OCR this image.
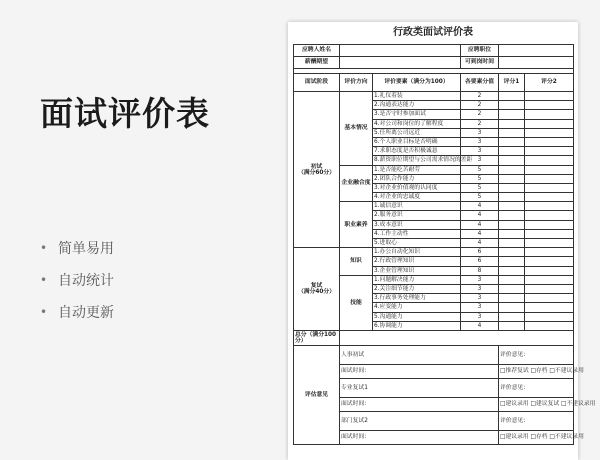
面试评价表
• 简单易用
• 自动统计
• 自动更新
行政类面试评价表
应聘人姓名			应聘职位		
薪酬期望			可到岗时间		

面试阶段	评价方向	评价要素（满分为100）	各要素分值	评分1	评分2
初试
（满分60分）	基本情况	1.礼仪着装	2		
		2.沟通表达能力	2		
		3.是否守时参加面试	2		
		4.对公司和岗位的了解程度	2		
		5.任所离公司远近	3		
		6.个人职业目标是否明确	3		
		7.求职态度是否积极诚恳	3		
		8.薪资职位期望与公司需求情况的差距	3		
	企业融合度	1.是否能吃苦耐劳	5		
		2.团队合作能力	5		
		3.对企业价值观的认同度	5		
		4.对企业的忠诚度	5		
	职业素养	1.诚信意识	4		
		2.服务意识	4		
		3.成本意识	4		
		4.工作主动性	4		
		5.进取心	4		
复试
（满分40分）	知识	1.办公自动化知识	6		
		2.行政管理知识	6		
		3.企业管理知识	8		
	技能	1.问题解决能力	3		
		2.关注细节能力	3		
		3.行政事务处理能力	3		
		4.应变能力	3		
		5.沟通能力	3		
		6.协调能力	4		
总分（满分100分）					
评估意见	人事初试			评价意见:	
	面试时间:			□推荐复试 □存档 □不建议录用	
	专业复试1			评价意见:	
	面试时间:			□建议录用 □建议复试 □不建议录用	
	部门复试2			评价意见:	
	面试时间:			□建议录用 □存档 □不建议录用	
